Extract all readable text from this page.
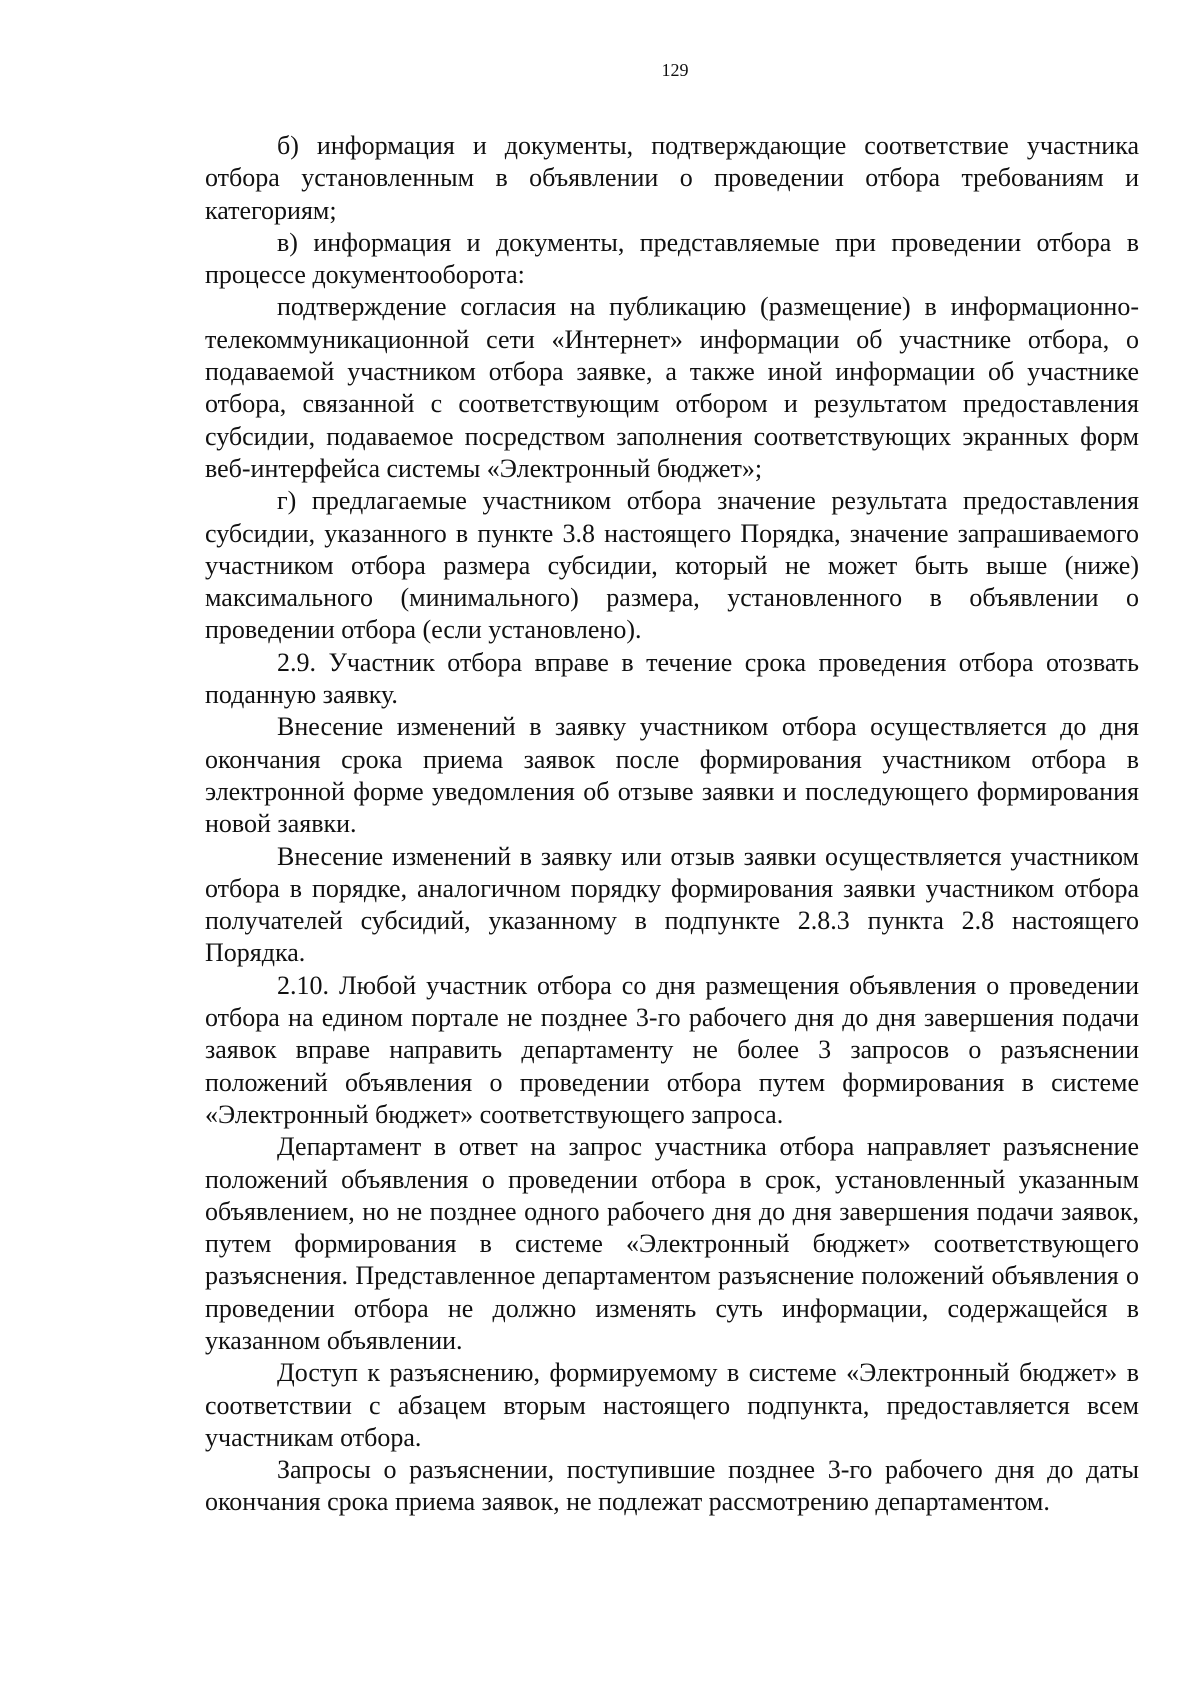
129

б) информация и документы, подтверждающие соответствие участника отбора установленным в объявлении о проведении отбора требованиям и категориям;

в) информация и документы, представляемые при проведении отбора в процессе документооборота:

подтверждение согласия на публикацию (размещение) в информационно-телекоммуникационной сети «Интернет» информации об участнике отбора, о подаваемой участником отбора заявке, а также иной информации об участнике отбора, связанной с соответствующим отбором и результатом предоставления субсидии, подаваемое посредством заполнения соответствующих экранных форм веб-интерфейса системы «Электронный бюджет»;

г) предлагаемые участником отбора значение результата предоставления субсидии, указанного в пункте 3.8 настоящего Порядка, значение запрашиваемого участником отбора размера субсидии, который не может быть выше (ниже) максимального (минимального) размера, установленного в объявлении о проведении отбора (если установлено).

2.9. Участник отбора вправе в течение срока проведения отбора отозвать поданную заявку.

Внесение изменений в заявку участником отбора осуществляется до дня окончания срока приема заявок после формирования участником отбора в электронной форме уведомления об отзыве заявки и последующего формирования новой заявки.

Внесение изменений в заявку или отзыв заявки осуществляется участником отбора в порядке, аналогичном порядку формирования заявки участником отбора получателей субсидий, указанному в подпункте 2.8.3 пункта 2.8 настоящего Порядка.

2.10. Любой участник отбора со дня размещения объявления о проведении отбора на едином портале не позднее 3-го рабочего дня до дня завершения подачи заявок вправе направить департаменту не более 3 запросов о разъяснении положений объявления о проведении отбора путем формирования в системе «Электронный бюджет» соответствующего запроса.

Департамент в ответ на запрос участника отбора направляет разъяснение положений объявления о проведении отбора в срок, установленный указанным объявлением, но не позднее одного рабочего дня до дня завершения подачи заявок, путем формирования в системе «Электронный бюджет» соответствующего разъяснения. Представленное департаментом разъяснение положений объявления о проведении отбора не должно изменять суть информации, содержащейся в указанном объявлении.

Доступ к разъяснению, формируемому в системе «Электронный бюджет» в соответствии с абзацем вторым настоящего подпункта, предоставляется всем участникам отбора.

Запросы о разъяснении, поступившие позднее 3-го рабочего дня до даты окончания срока приема заявок, не подлежат рассмотрению департаментом.
